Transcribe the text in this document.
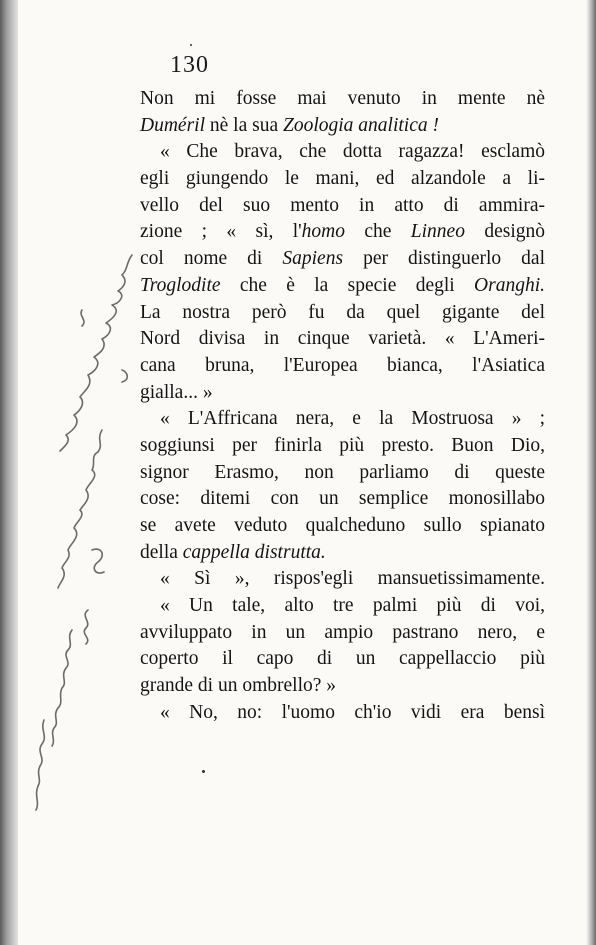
130
Non mi fosse mai venuto in mente nè
Duméril nè la sua Zoologia analitica !
« Che brava, che dotta ragazza! esclamò
egli giungendo le mani, ed alzandole a li-
vello del suo mento in atto di ammira-
zione ; « sì, l'homo che Linneo designò
col nome di Sapiens per distinguerlo dal
Troglodite che è la specie degli Oranghi.
La nostra però fu da quel gigante del
Nord divisa in cinque varietà. « L'Ameri-
cana bruna, l'Europea bianca, l'Asiatica
gialla... »
« L'Affricana nera, e la Mostruosa » ;
soggiunsi per finirla più presto. Buon Dio,
signor Erasmo, non parliamo di queste
cose: ditemi con un semplice monosillabo
se avete veduto qualcheduno sullo spianato
della cappella distrutta.
« Sì », rispos'egli mansuetissimamente.
« Un tale, alto tre palmi più di voi,
avviluppato in un ampio pastrano nero, e
coperto il capo di un cappellaccio più
grande di un ombrello? »
« No, no: l'uomo ch'io vidi era bensì
